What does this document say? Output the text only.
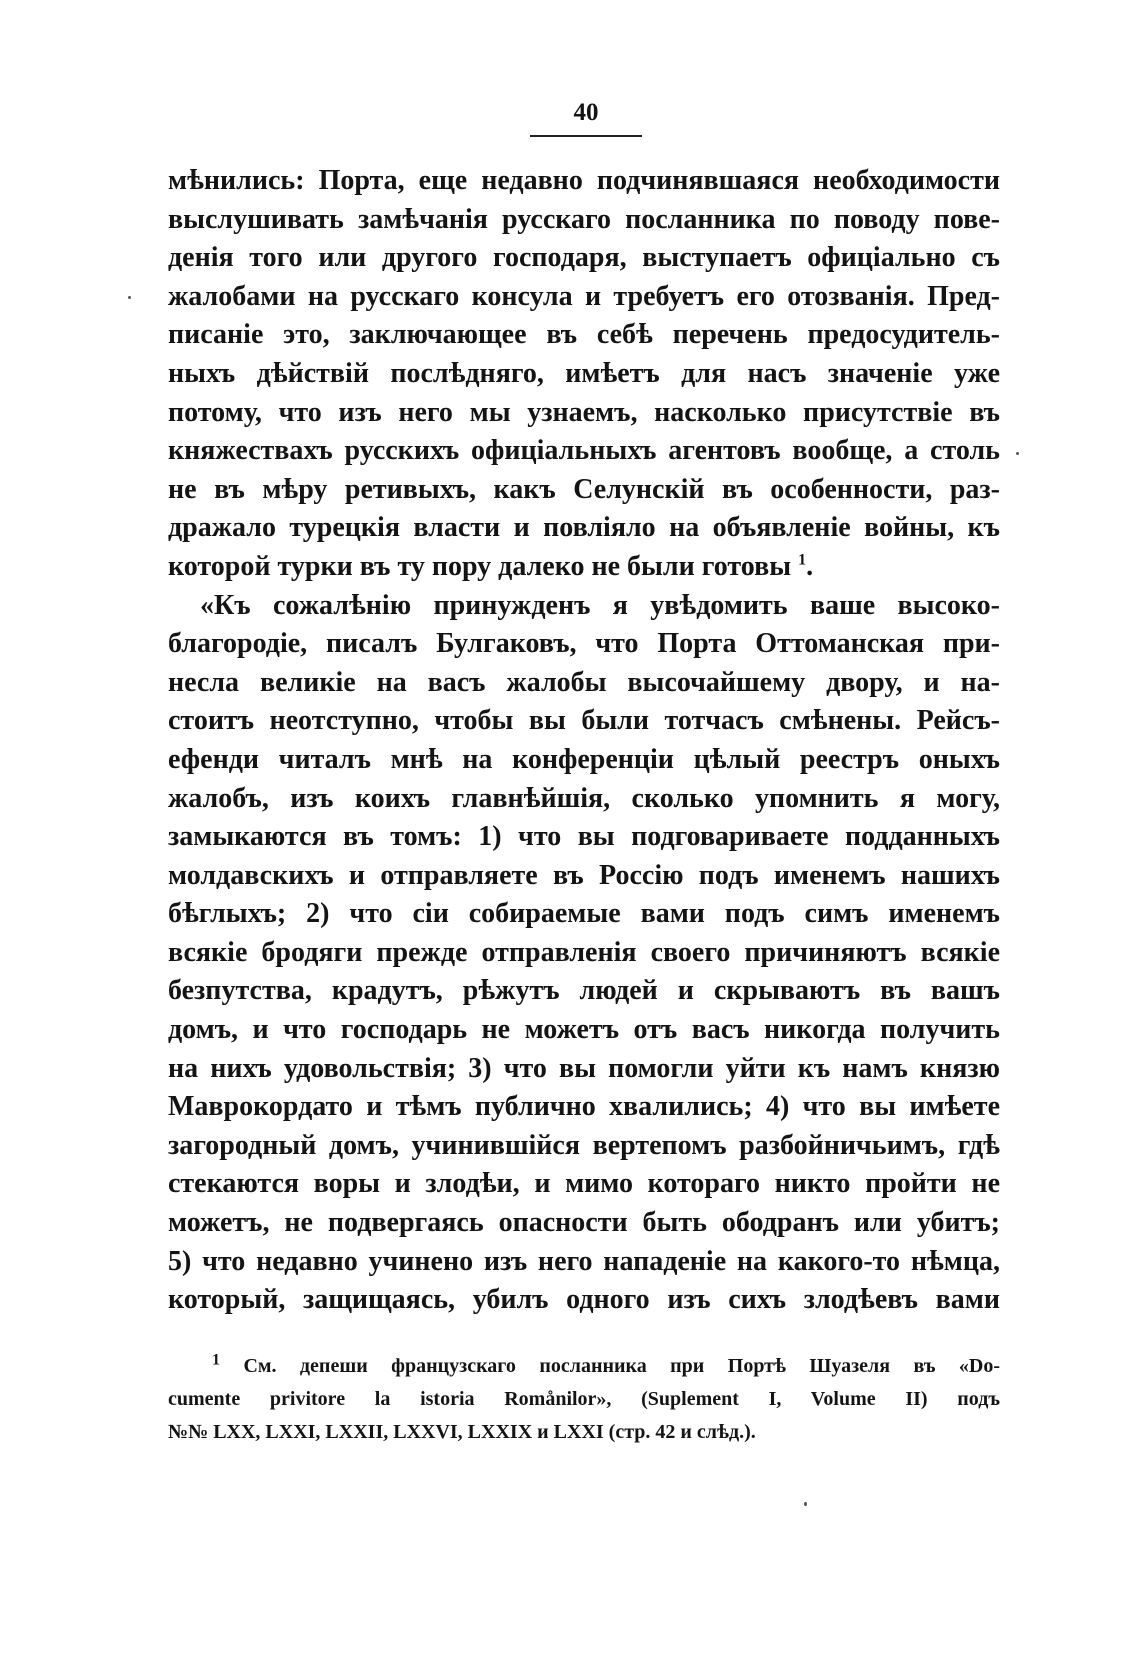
40
мѣнились: Порта, еще недавно подчинявшаяся необходимости
выслушивать замѣчанія русскаго посланника по поводу пове-
денія того или другого господаря, выступаетъ офиціально съ
жалобами на русскаго консула и требуетъ его отозванія. Пред-
писаніе это, заключающее въ себѣ перечень предосудитель-
ныхъ дѣйствій послѣдняго, имѣетъ для насъ значеніе уже
потому, что изъ него мы узнаемъ, насколько присутствіе въ
княжествахъ русскихъ офиціальныхъ агентовъ вообще, а столь
не въ мѣру ретивыхъ, какъ Селунскій въ особенности, раз-
дражало турецкія власти и повліяло на объявленіе войны, къ
которой турки въ ту пору далеко не были готовы $^1$.
«Къ сожалѣнію принужденъ я увѣдомить ваше высоко-
благородіе, писалъ Булгаковъ, что Порта Оттоманская при-
несла великіе на васъ жалобы высочайшему двору, и на-
стоитъ неотступно, чтобы вы были тотчасъ смѣнены. Рейсъ-
ефенди читалъ мнѣ на конференціи цѣлый реестръ оныхъ
жалобъ, изъ коихъ главнѣйшія, сколько упомнить я могу,
замыкаются въ томъ: 1) что вы подговариваете подданныхъ
молдавскихъ и отправляете въ Россію подъ именемъ нашихъ
бѣглыхъ; 2) что сіи собираемые вами подъ симъ именемъ
всякіе бродяги прежде отправленія своего причиняютъ всякіе
безпутства, крадутъ, рѣжутъ людей и скрываютъ въ вашъ
домъ, и что господарь не можетъ отъ васъ никогда получить
на нихъ удовольствія; 3) что вы помогли уйти къ намъ князю
Маврокордато и тѣмъ публично хвалились; 4) что вы имѣете
загородный домъ, учинившійся вертепомъ разбойничьимъ, гдѣ
стекаются воры и злодѣи, и мимо котораго никто пройти не
можетъ, не подвергаясь опасности быть ободранъ или убитъ;
5) что недавно учинено изъ него нападеніе на какого-то нѣмца,
который, защищаясь, убилъ одного изъ сихъ злодѣевъ вами
$^1$ См. депеши французскаго посланника при Портѣ Шуазеля въ «Do-
cumente privitore la istoria Romånilor», (Suplement I, Volume II) подъ
№№ LXX, LXXI, LXXII, LXXVI, LXXIX и LXXI (стр. 42 и слѣд.).
